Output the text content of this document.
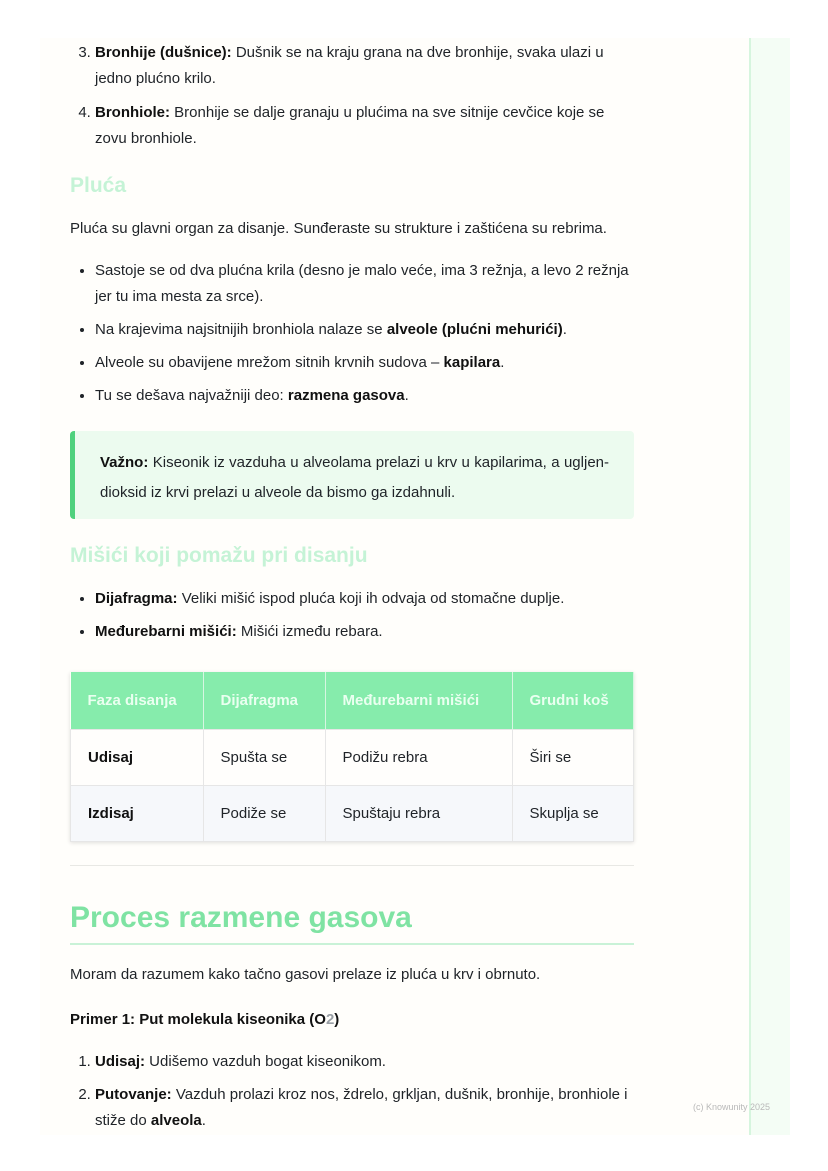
3. Bronhije (dušnice): Dušnik se na kraju grana na dve bronhije, svaka ulazi u jedno plućno krilo.
4. Bronhiole: Bronhije se dalje granaju u plućima na sve sitnije cevčice koje se zovu bronhiole.
Pluća

Pluća su glavni organ za disanje. Sunđeraste su strukture i zaštićena su rebrima.

• Sastoje se od dva plućna krila (desno je malo veće, ima 3 režnja, a levo 2 režnja jer tu ima mesta za srce).
• Na krajevima najsitnijih bronhiola nalaze se alveole (plućni mehurići).
• Alveole su obavijene mrežom sitnih krvnih sudova – kapilara.
• Tu se dešava najvažniji deo: razmena gasova.
Važno: Kiseonik iz vazduha u alveolama prelazi u krv u kapilarima, a ugljen-dioksid iz krvi prelazi u alveole da bismo ga izdahnuli.
Mišići koji pomažu pri disanju
• Dijafragma: Veliki mišić ispod pluća koji ih odvaja od stomačne duplje.
• Međurebarni mišići: Mišići između rebara.
Faza disanja	Dijafragma	Međurebarni mišići	Grudni koš
Udisaj	Spušta se	Podižu rebra	Širi se
Izdisaj	Podiže se	Spuštaju rebra	Skuplja se
Proces razmene gasova

Moram da razumem kako tačno gasovi prelaze iz pluća u krv i obrnuto.

Primer 1: Put molekula kiseonika (O2)

1. Udisaj: Udišemo vazduh bogat kiseonikom.
2. Putovanje: Vazduh prolazi kroz nos, ždrelo, grkljan, dušnik, bronhije, bronhiole i stiže do alveola.
(c) Knowunity 2025
